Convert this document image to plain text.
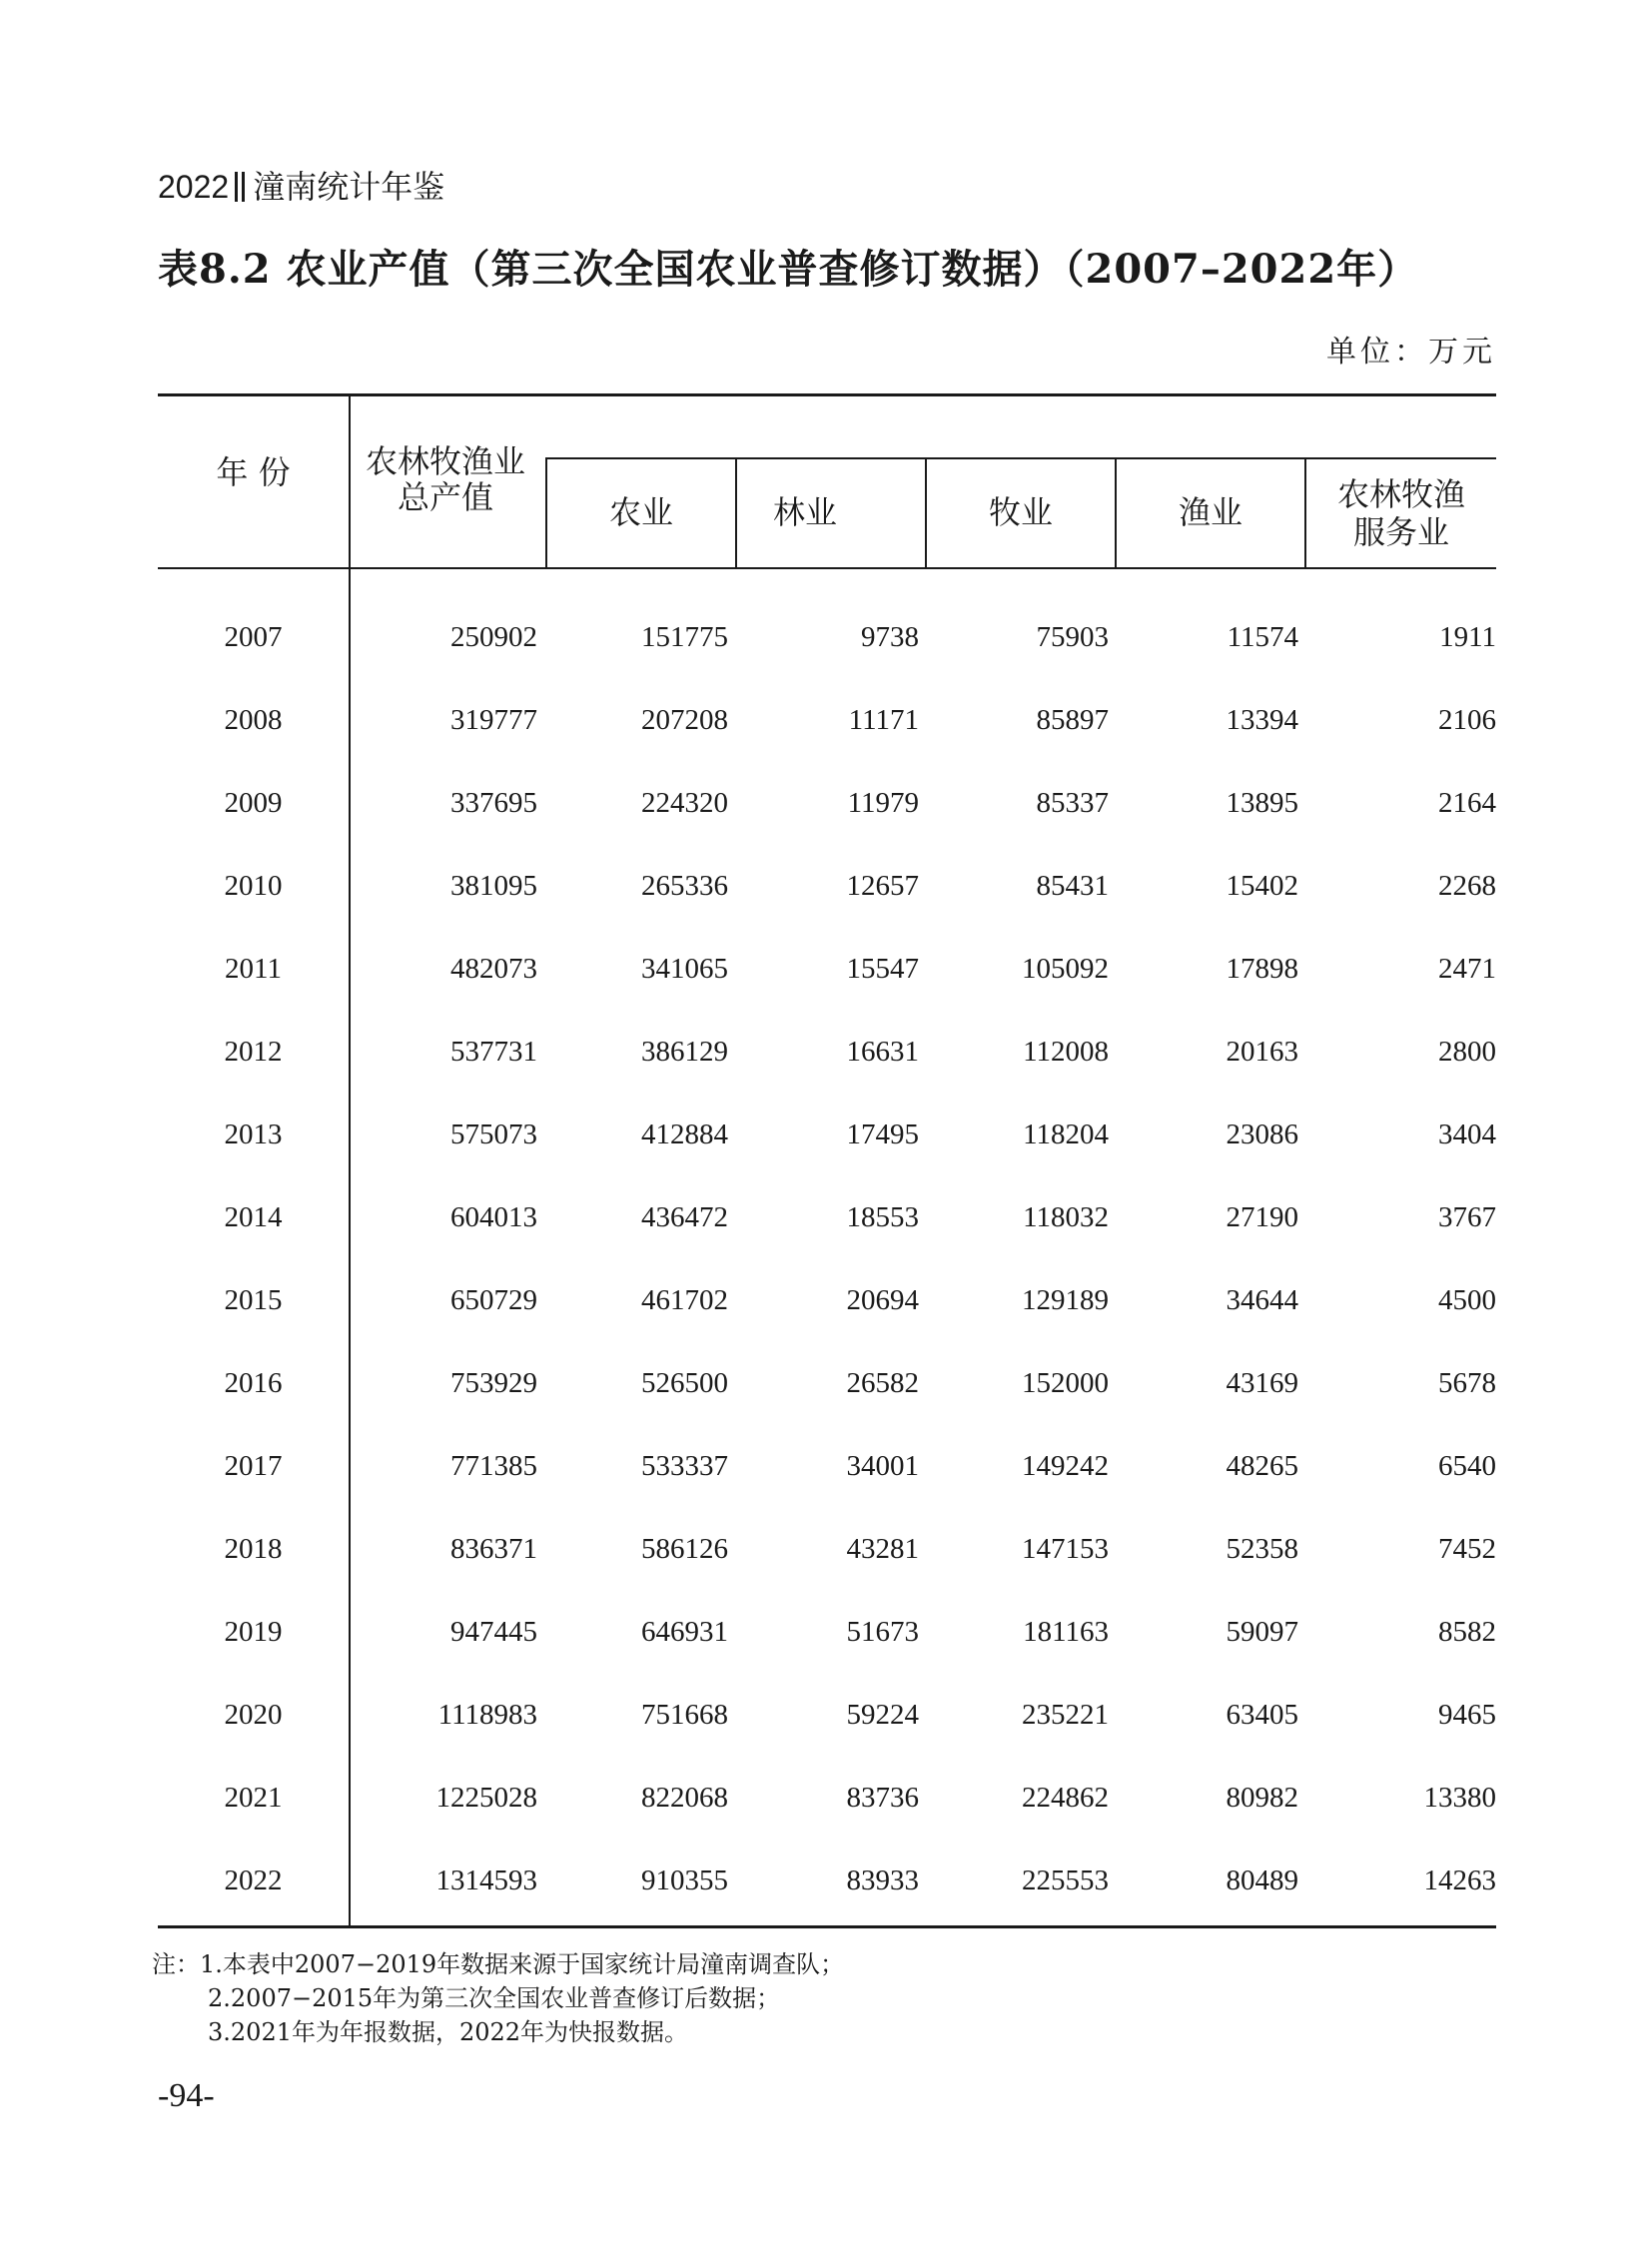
2022 潼南统计年鉴
表8.2 农业产值（第三次全国农业普查修订数据）（2007–2022年）
单位：万元
年 份	农林牧渔业
总产值	农业	林业	牧业	渔业	农林牧渔
服务业
2007	250902	151775	9738	75903	11574	1911
2008	319777	207208	11171	85897	13394	2106
2009	337695	224320	11979	85337	13895	2164
2010	381095	265336	12657	85431	15402	2268
2011	482073	341065	15547	105092	17898	2471
2012	537731	386129	16631	112008	20163	2800
2013	575073	412884	17495	118204	23086	3404
2014	604013	436472	18553	118032	27190	3767
2015	650729	461702	20694	129189	34644	4500
2016	753929	526500	26582	152000	43169	5678
2017	771385	533337	34001	149242	48265	6540
2018	836371	586126	43281	147153	52358	7452
2019	947445	646931	51673	181163	59097	8582
2020	1118983	751668	59224	235221	63405	9465
2021	1225028	822068	83736	224862	80982	13380
2022	1314593	910355	83933	225553	80489	14263
注：1.本表中2007−2019年数据来源于国家统计局潼南调查队；
2.2007−2015年为第三次全国农业普查修订后数据；
3.2021年为年报数据，2022年为快报数据。
-94-
